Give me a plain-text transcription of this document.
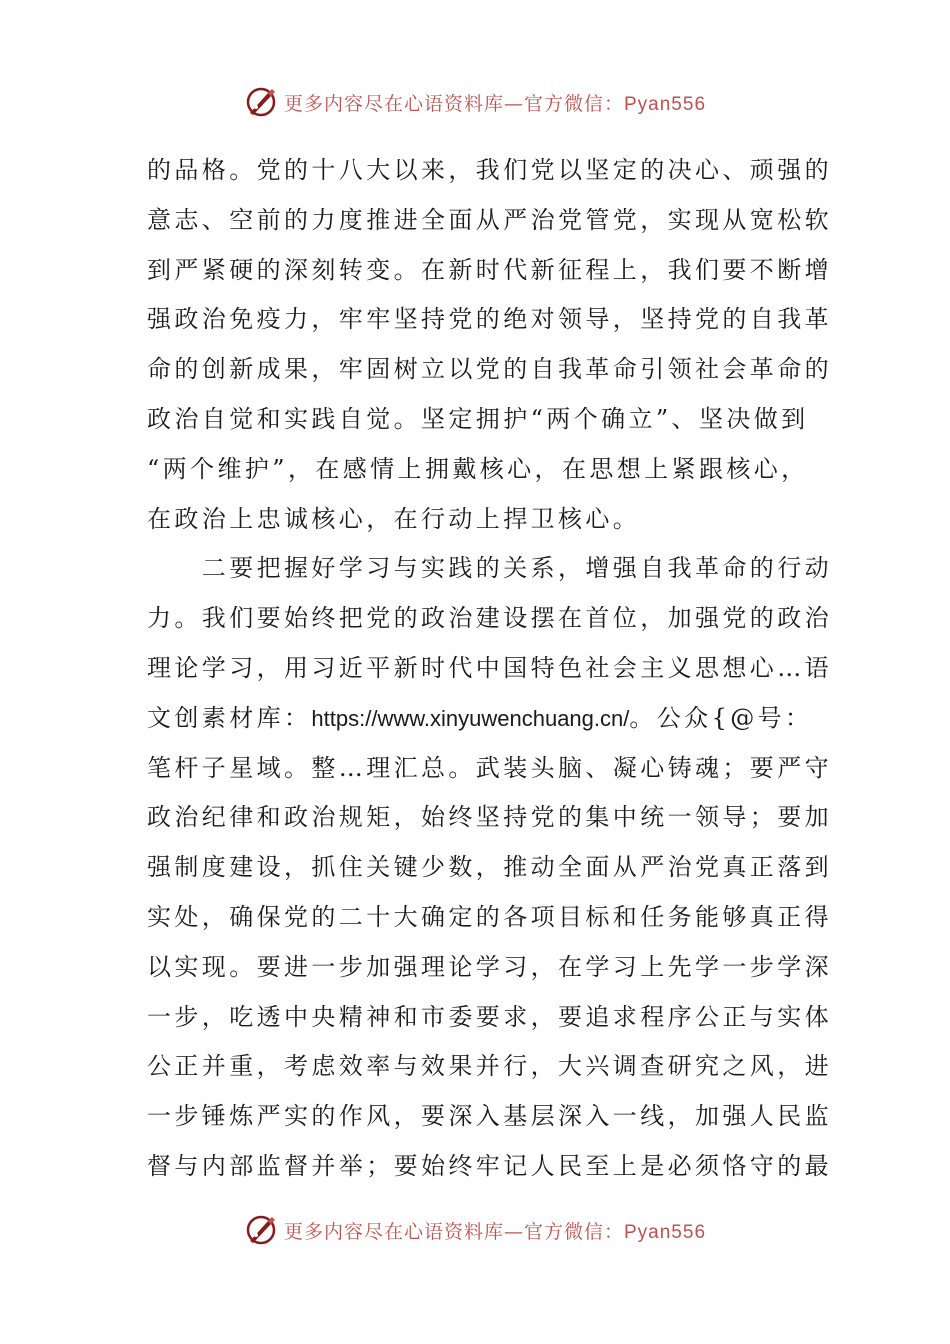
更多内容尽在心语资料库—官方微信：Pyan556
的品格。党的十八大以来，我们党以坚定的决心、顽强的
意志、空前的力度推进全面从严治党管党，实现从宽松软
到严紧硬的深刻转变。在新时代新征程上，我们要不断增
强政治免疫力，牢牢坚持党的绝对领导，坚持党的自我革
命的创新成果，牢固树立以党的自我革命引领社会革命的
政治自觉和实践自觉。坚定拥护“两个确立”、坚决做到
“两个维护”，在感情上拥戴核心，在思想上紧跟核心，
在政治上忠诚核心，在行动上捍卫核心。
　　二要把握好学习与实践的关系，增强自我革命的行动
力。我们要始终把党的政治建设摆在首位，加强党的政治
理论学习，用习近平新时代中国特色社会主义思想心…语
文创素材库：https://www.xinyuwenchuang.cn/。公众{@号：
笔杆子星域。整…理汇总。武装头脑、凝心铸魂；要严守
政治纪律和政治规矩，始终坚持党的集中统一领导；要加
强制度建设，抓住关键少数，推动全面从严治党真正落到
实处，确保党的二十大确定的各项目标和任务能够真正得
以实现。要进一步加强理论学习，在学习上先学一步学深
一步，吃透中央精神和市委要求，要追求程序公正与实体
公正并重，考虑效率与效果并行，大兴调查研究之风，进
一步锤炼严实的作风，要深入基层深入一线，加强人民监
督与内部监督并举；要始终牢记人民至上是必须恪守的最
更多内容尽在心语资料库—官方微信：Pyan556
